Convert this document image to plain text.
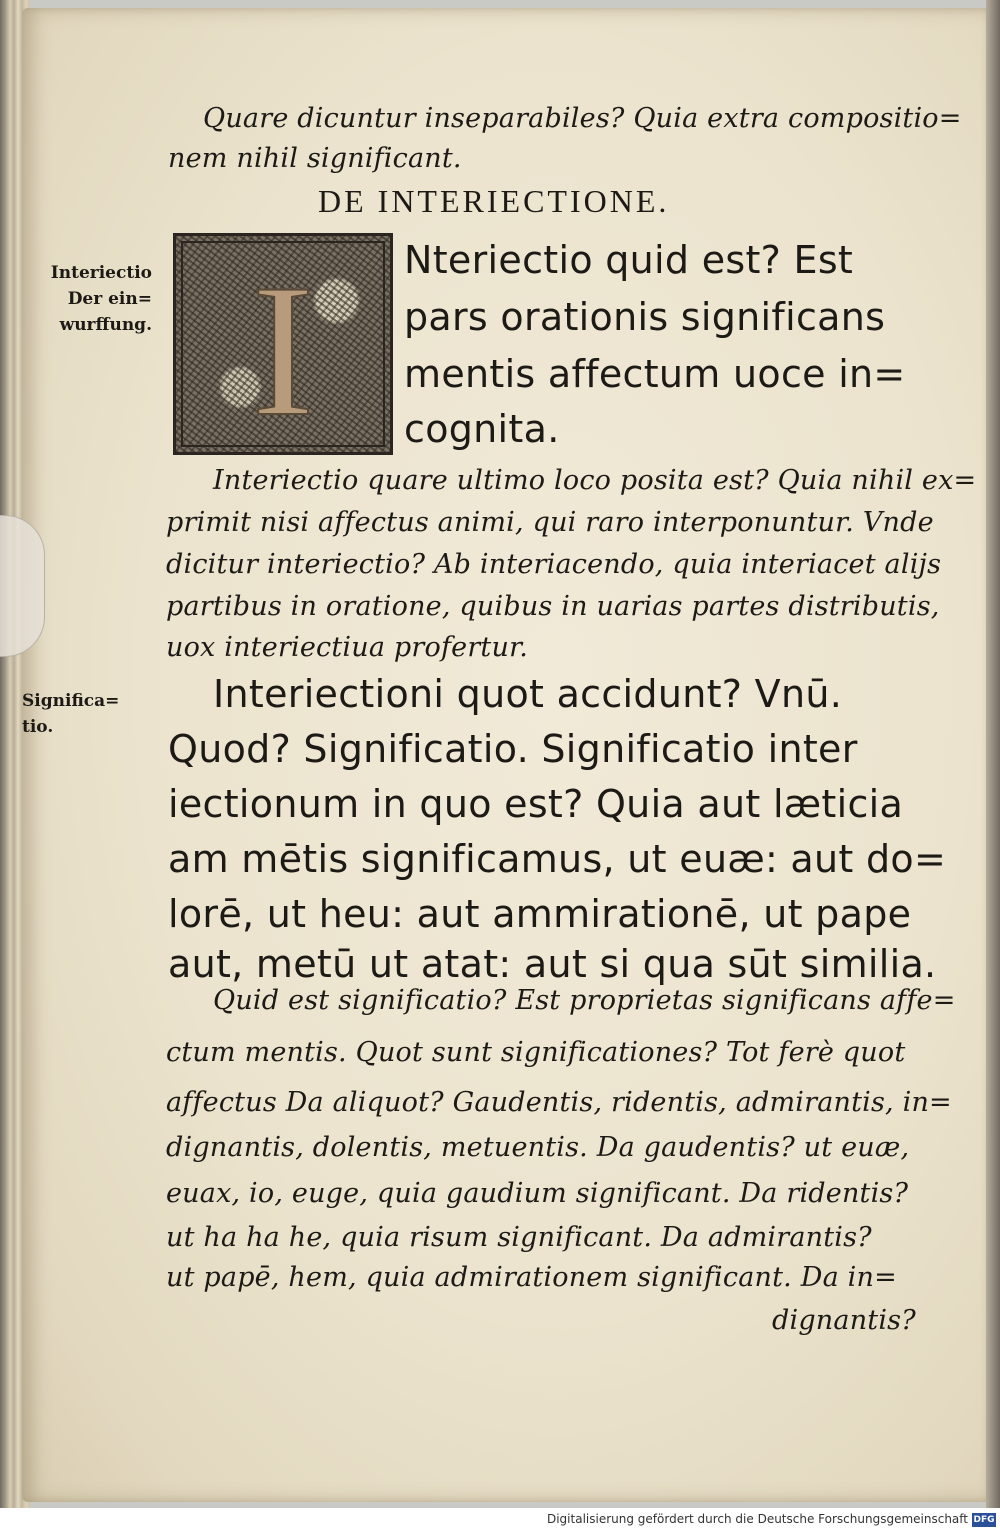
Quare dicuntur inseparabiles? Quia extra compositio=

nem nihil significant.

DE INTERIECTIONE.

I Nteriectio quid est? Est

pars orationis significans

mentis affectum uoce in=

cognita.

Interiectio quare ultimo loco posita est? Quia nihil ex=

primit nisi affectus animi, qui raro interponuntur. Vnde

dicitur interiectio? Ab interiacendo, quia interiacet alijs

partibus in oratione, quibus in uarias partes distributis,

uox interiectiua profertur.

Interiectioni quot accidunt? Vnū.

Quod? Significatio. Significatio inter

iectionum in quo est? Quia aut læticia

am mētis significamus, ut euæ: aut do=

lorē, ut heu: aut ammirationē, ut pape

aut, metū ut atat: aut si qua sūt similia.

Quid est significatio? Est proprietas significans affe=

ctum mentis. Quot sunt significationes? Tot ferè quot

affectus Da aliquot? Gaudentis, ridentis, admirantis, in=

dignantis, dolentis, metuentis. Da gaudentis? ut euæ,

euax, io, euge, quia gaudium significant. Da ridentis?

ut ha ha he, quia risum significant. Da admirantis?

ut papē, hem, quia admirationem significant. Da in=

dignantis?

Interiectio
Der ein=
wurffung.
Significa=
tio.
Digitalisierung gefördert durch die Deutsche Forschungsgemeinschaft DFG
